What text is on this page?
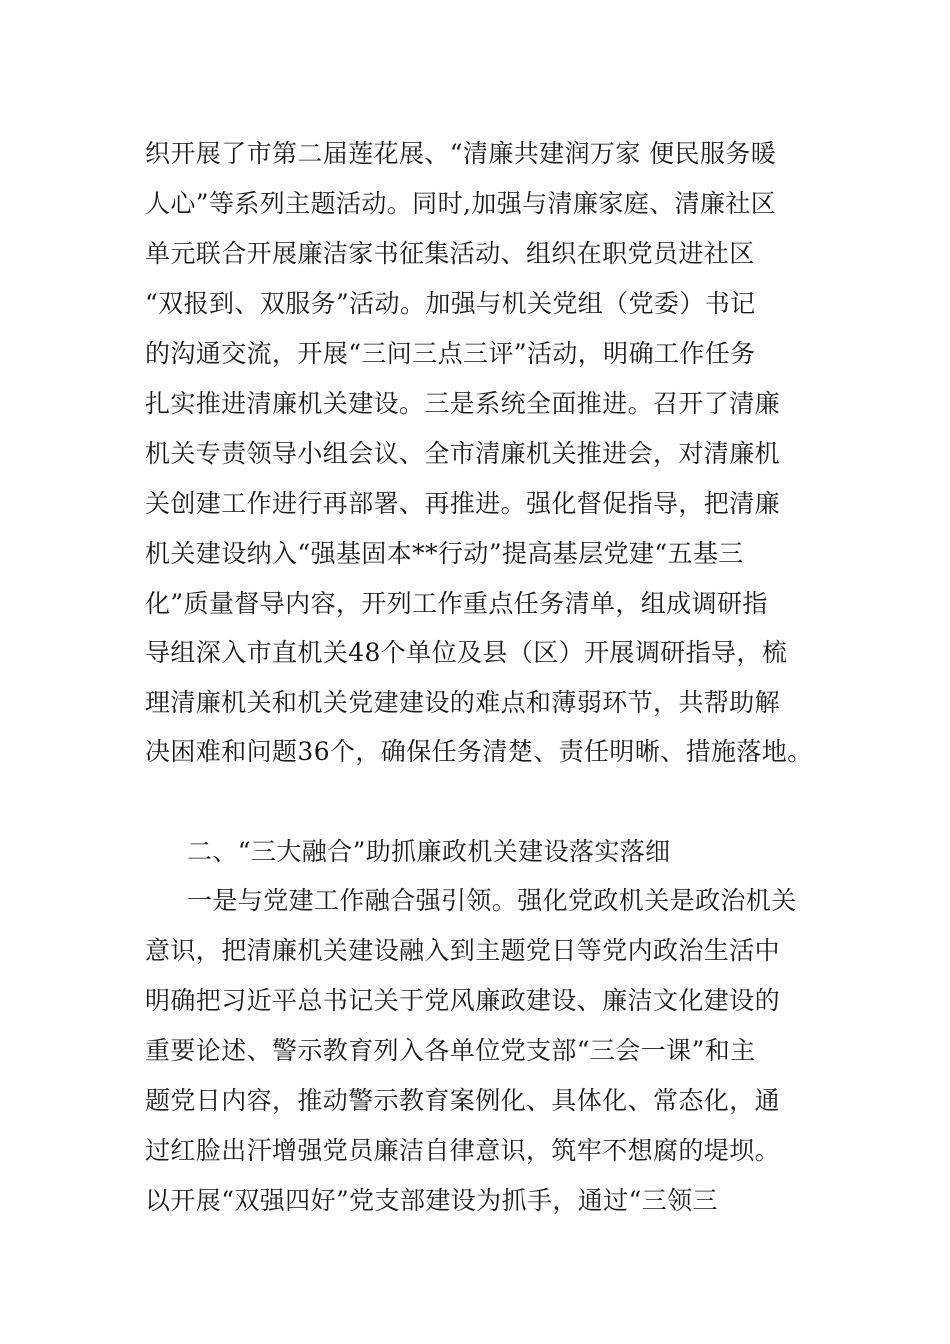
织开展了市第二届莲花展、“清廉共建润万家 便民服务暖
人心”等系列主题活动。同时,加强与清廉家庭、清廉社区
单元联合开展廉洁家书征集活动、组织在职党员进社区
“双报到、双服务”活动。加强与机关党组（党委）书记
的沟通交流，开展“三问三点三评”活动，明确工作任务
扎实推进清廉机关建设。三是系统全面推进。召开了清廉
机关专责领导小组会议、全市清廉机关推进会，对清廉机
关创建工作进行再部署、再推进。强化督促指导，把清廉
机关建设纳入“强基固本**行动”提高基层党建“五基三
化”质量督导内容，开列工作重点任务清单，组成调研指
导组深入市直机关48个单位及县（区）开展调研指导，梳
理清廉机关和机关党建建设的难点和薄弱环节，共帮助解
决困难和问题36个，确保任务清楚、责任明晰、措施落地。
二、“三大融合”助抓廉政机关建设落实落细
一是与党建工作融合强引领。强化党政机关是政治机关
意识，把清廉机关建设融入到主题党日等党内政治生活中
明确把习近平总书记关于党风廉政建设、廉洁文化建设的
重要论述、警示教育列入各单位党支部“三会一课”和主
题党日内容，推动警示教育案例化、具体化、常态化，通
过红脸出汗增强党员廉洁自律意识，筑牢不想腐的堤坝。
以开展“双强四好”党支部建设为抓手，通过“三领三
